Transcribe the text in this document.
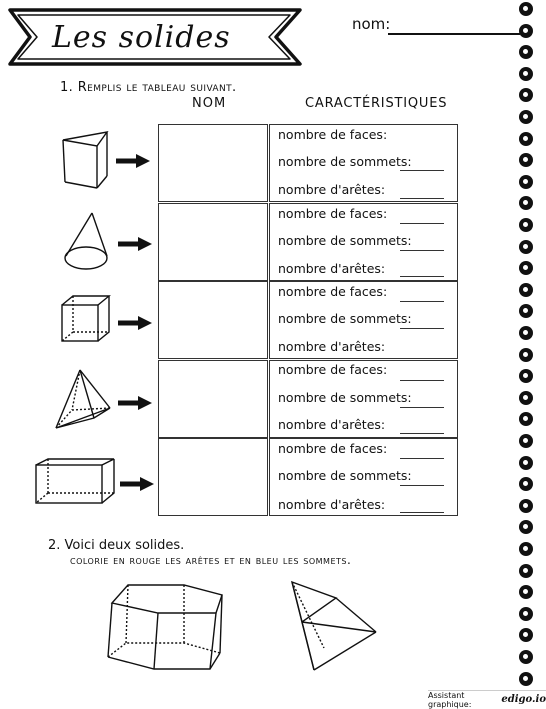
Les solides	nom:
1. Remplis le tableau suivant.
NOM	CARACTÉRISTIQUES
nombre de faces:
nombre de sommets:
nombre d'arêtes:
nombre de faces:
nombre de sommets:
nombre d'arêtes:
nombre de faces:
nombre de sommets:
nombre d'arêtes:
nombre de faces:
nombre de sommets:
nombre d'arêtes:
nombre de faces:
nombre de sommets:
nombre d'arêtes:
2. Voici deux solides.
colorie en rouge les arêtes et en bleu les sommets.
Assistant graphique:	edigo.io
